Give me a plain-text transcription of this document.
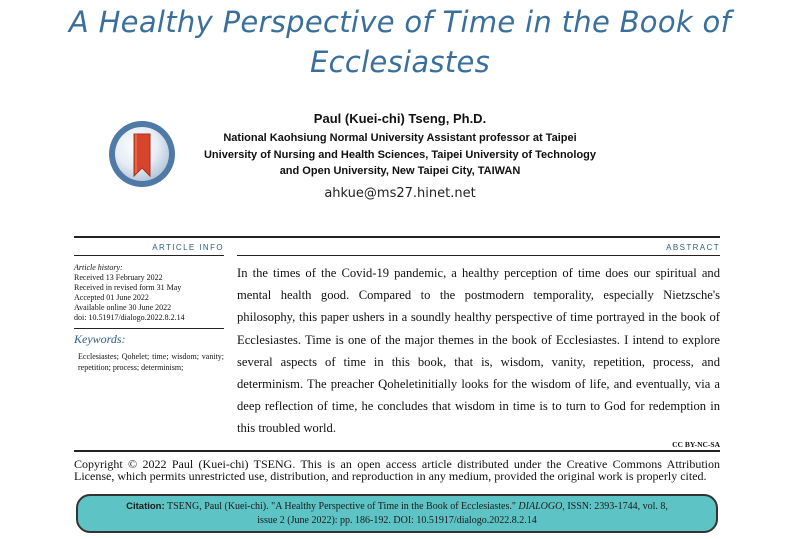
A Healthy Perspective of Time in the Book of Ecclesiastes
Paul (Kuei-chi) Tseng, Ph.D.
National Kaohsiung Normal University Assistant professor at Taipei
University of Nursing and Health Sciences, Taipei University of Technology
and Open University, New Taipei City, TAIWAN
ahkue@ms27.hinet.net
ARTICLE INFO
Article history:
Received 13 February 2022
Received in revised form 31 May
Accepted 01 June 2022
Available online 30 June 2022
doi: 10.51917/dialogo.2022.8.2.14
Keywords:
Ecclesiastes; Qohelet; time; wisdom; vanity; repetition; process; determinism;
ABSTRACT
In the times of the Covid-19 pandemic, a healthy perception of time does our spiritual and mental health good. Compared to the postmodern temporality, especially Nietzsche's philosophy, this paper ushers in a soundly healthy perspective of time portrayed in the book of Ecclesiastes. Time is one of the major themes in the book of Ecclesiastes. I intend to explore several aspects of time in this book, that is, wisdom, vanity, repetition, process, and determinism. The preacher Qoheletinitially looks for the wisdom of life, and eventually, via a deep reflection of time, he concludes that wisdom in time is to turn to God for redemption in this troubled world.
CC BY-NC-SA
Copyright © 2022 Paul (Kuei-chi) TSENG. This is an open access article distributed under the Creative Commons Attribution
License, which permits unrestricted use, distribution, and reproduction in any medium, provided the original work is properly cited.
Citation: TSENG, Paul (Kuei-chi). "A Healthy Perspective of Time in the Book of Ecclesiastes." DIALOGO, ISSN: 2393-1744, vol. 8,
issue 2 (June 2022): pp. 186-192. DOI: 10.51917/dialogo.2022.8.2.14
